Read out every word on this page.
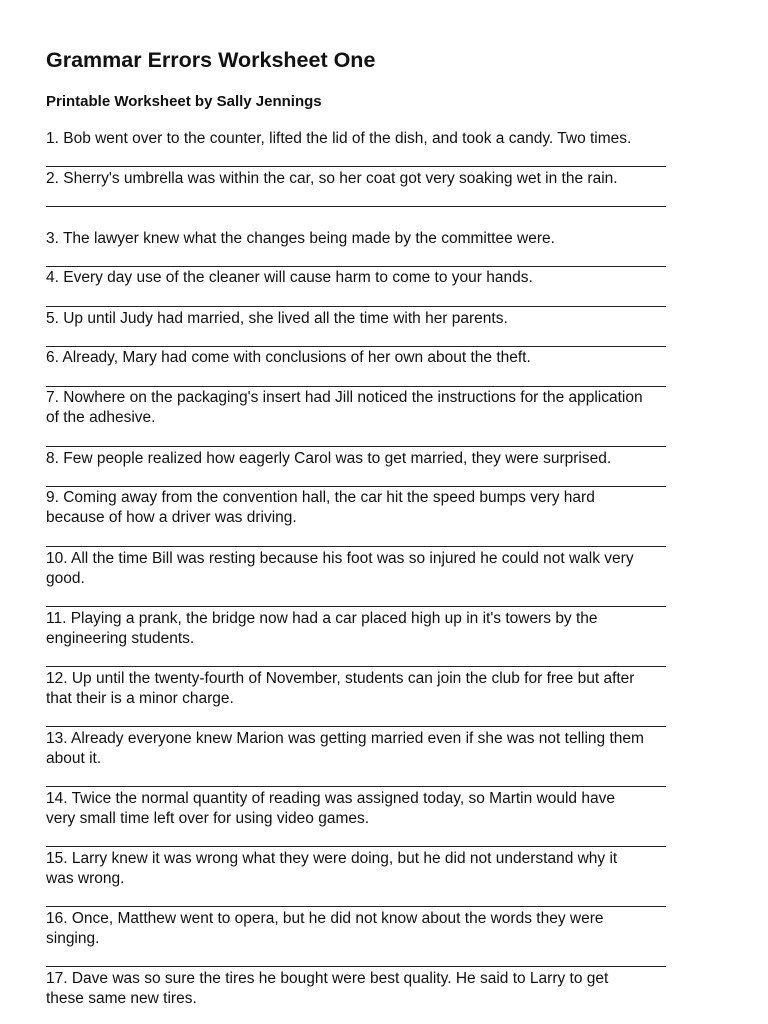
Grammar Errors Worksheet One
Printable Worksheet by Sally Jennings

1. Bob went over to the counter, lifted the lid of the dish, and took a candy. Two times.

2. Sherry's umbrella was within the car, so her coat got very soaking wet in the rain.

3. The lawyer knew what the changes being made by the committee were.

4. Every day use of the cleaner will cause harm to come to your hands.

5. Up until Judy had married, she lived all the time with her parents.

6. Already, Mary had come with conclusions of her own about the theft.

7. Nowhere on the packaging's insert had Jill noticed the instructions for the application
of the adhesive.

8. Few people realized how eagerly Carol was to get married, they were surprised.

9. Coming away from the convention hall, the car hit the speed bumps very hard
because of how a driver was driving.

10. All the time Bill was resting because his foot was so injured he could not walk very
good.

11. Playing a prank, the bridge now had a car placed high up in it's towers by the
engineering students.

12. Up until the twenty-fourth of November, students can join the club for free but after
that their is a minor charge.

13. Already everyone knew Marion was getting married even if she was not telling them
about it.

14. Twice the normal quantity of reading was assigned today, so Martin would have
very small time left over for using video games.

15. Larry knew it was wrong what they were doing, but he did not understand why it
was wrong.

16. Once, Matthew went to opera, but he did not know about the words they were
singing.

17. Dave was so sure the tires he bought were best quality. He said to Larry to get
these same new tires.
